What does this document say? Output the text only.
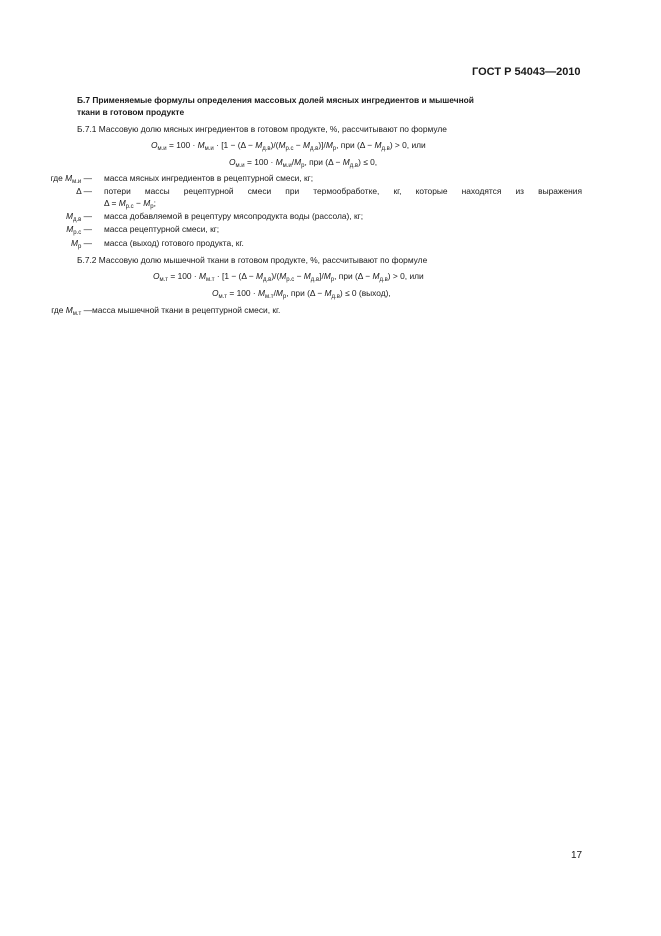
ГОСТ Р 54043—2010
Б.7 Применяемые формулы определения массовых долей мясных ингредиентов и мышечной
ткани в готовом продукте
Б.7.1 Массовую долю мясных ингредиентов в готовом продукте, %, рассчитывают по формуле
$O_{м.и} = 100 \cdot M_{м.и} \cdot [1 - (\Delta - M_{д.в})/(M_{р.с} - M_{д.в})]/M_р$, при $(\Delta - M_{д.в}) > 0$, или
$O_{м.и} = 100 \cdot M_{м.и}/M_р$, при $(\Delta - M_{д.в}) \le 0$,
где $M_{м.и}$ — масса мясных ингредиентов в рецептурной смеси, кг;
Δ — потери массы рецептурной смеси при термообработке, кг, которые находятся из выражения
$\Delta = M_{р.с} - M_р$;
$M_{д.в}$ — масса добавляемой в рецептуру мясопродукта воды (рассола), кг;
$M_{р.с}$ — масса рецептурной смеси, кг;
$M_р$ — масса (выход) готового продукта, кг.
Б.7.2 Массовую долю мышечной ткани в готовом продукте, %, рассчитывают по формуле
$O_{м.т} = 100 \cdot M_{м.т} \cdot [1 - (\Delta - M_{д.в})/(M_{р.с} - M_{д.в}]/M_р$, при $(\Delta - M_{д.в}) > 0$, или
$O_{м.т} = 100 \cdot M_{м.т}/M_р$, при $(\Delta - M_{д.в}) \le 0$ (выход),
где $M_{м.т}$ — масса мышечной ткани в рецептурной смеси, кг.
17
